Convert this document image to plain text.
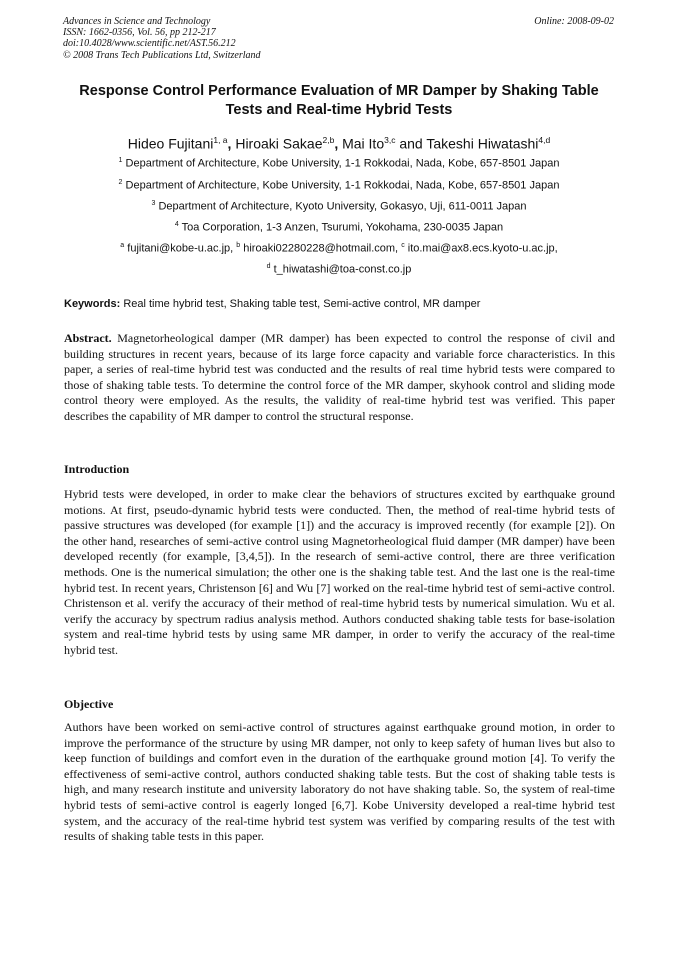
Advances in Science and Technology
ISSN: 1662-0356, Vol. 56, pp 212-217
doi:10.4028/www.scientific.net/AST.56.212
© 2008 Trans Tech Publications Ltd, Switzerland
Online: 2008-09-02
Response Control Performance Evaluation of MR Damper by Shaking Table Tests and Real-time Hybrid Tests
Hideo Fujitani$^{1, a}$, Hiroaki Sakae$^{2,b}$, Mai Ito$^{3,c}$ and Takeshi Hiwatashi$^{4,d}$
$^1$ Department of Architecture, Kobe University, 1-1 Rokkodai, Nada, Kobe, 657-8501 Japan
$^2$ Department of Architecture, Kobe University, 1-1 Rokkodai, Nada, Kobe, 657-8501 Japan
$^3$ Department of Architecture, Kyoto University, Gokasyo, Uji, 611-0011 Japan
$^4$ Toa Corporation, 1-3 Anzen, Tsurumi, Yokohama, 230-0035 Japan
$^a$ fujitani@kobe-u.ac.jp, $^b$ hiroaki02280228@hotmail.com, $^c$ ito.mai@ax8.ecs.kyoto-u.ac.jp,
$^d$ t_hiwatashi@toa-const.co.jp
Keywords: Real time hybrid test, Shaking table test, Semi-active control, MR damper
Abstract. Magnetorheological damper (MR damper) has been expected to control the response of civil and building structures in recent years, because of its large force capacity and variable force characteristics. In this paper, a series of real-time hybrid test was conducted and the results of real time hybrid tests were compared to those of shaking table tests. To determine the control force of the MR damper, skyhook control and sliding mode control theory were employed. As the results, the validity of real-time hybrid test was verified. This paper describes the capability of MR damper to control the structural response.
Introduction
Hybrid tests were developed, in order to make clear the behaviors of structures excited by earthquake ground motions. At first, pseudo-dynamic hybrid tests were conducted. Then, the method of real-time hybrid tests of passive structures was developed (for example [1]) and the accuracy is improved recently (for example [2]). On the other hand, researches of semi-active control using Magnetorheological fluid damper (MR damper) have been developed recently (for example, [3,4,5]). In the research of semi-active control, there are three verification methods. One is the numerical simulation; the other one is the shaking table test. And the last one is the real-time hybrid test. In recent years, Christenson [6] and Wu [7] worked on the real-time hybrid test of semi-active control. Christenson et al. verify the accuracy of their method of real-time hybrid tests by numerical simulation. Wu et al. verify the accuracy by spectrum radius analysis method. Authors conducted shaking table tests for base-isolation system and real-time hybrid tests by using same MR damper, in order to verify the accuracy of the real-time hybrid test.
Objective
Authors have been worked on semi-active control of structures against earthquake ground motion, in order to improve the performance of the structure by using MR damper, not only to keep safety of human lives but also to keep function of buildings and comfort even in the duration of the earthquake ground motion [4]. To verify the effectiveness of semi-active control, authors conducted shaking table tests. But the cost of shaking table tests is high, and many research institute and university laboratory do not have shaking table. So, the system of real-time hybrid tests of semi-active control is eagerly longed [6,7]. Kobe University developed a real-time hybrid test system, and the accuracy of the real-time hybrid test system was verified by comparing results of the test with results of shaking table tests in this paper.
